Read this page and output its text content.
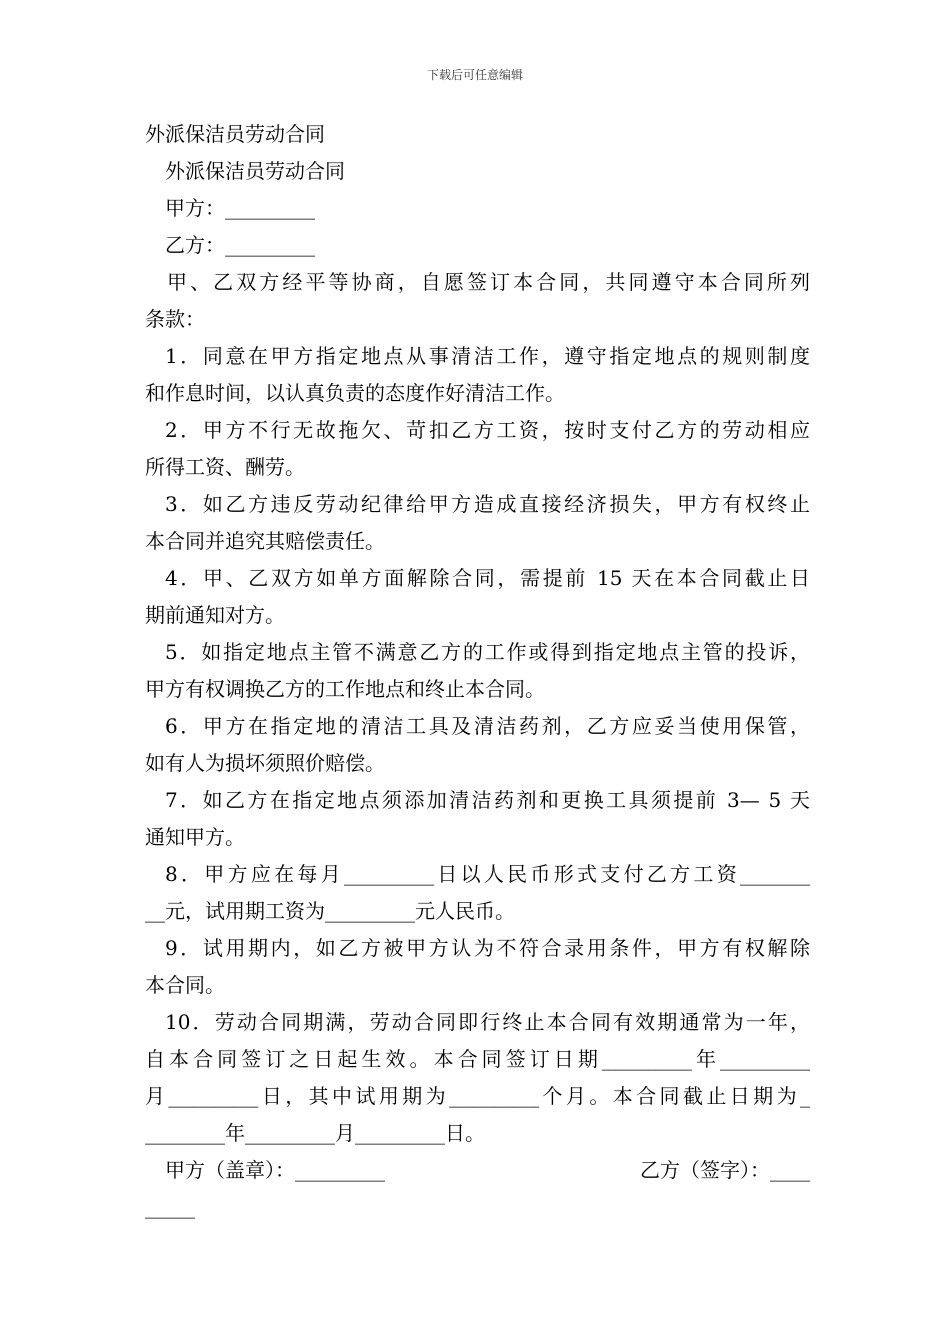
下载后可任意编辑
外派保洁员劳动合同
外派保洁员劳动合同
甲方：_________
乙方：_________
甲、乙双方经平等协商，自愿签订本合同，共同遵守本合同所列
条款：
1．同意在甲方指定地点从事清洁工作，遵守指定地点的规则制度
和作息时间，以认真负责的态度作好清洁工作。
2．甲方不行无故拖欠、苛扣乙方工资，按时支付乙方的劳动相应
所得工资、酬劳。
3．如乙方违反劳动纪律给甲方造成直接经济损失，甲方有权终止
本合同并追究其赔偿责任。
4．甲、乙双方如单方面解除合同，需提前 15 天在本合同截止日
期前通知对方。
5．如指定地点主管不满意乙方的工作或得到指定地点主管的投诉，
甲方有权调换乙方的工作地点和终止本合同。
6．甲方在指定地的清洁工具及清洁药剂，乙方应妥当使用保管，
如有人为损坏须照价赔偿。
7．如乙方在指定地点须添加清洁药剂和更换工具须提前 3— 5 天
通知甲方。
8．甲方应在每月_________日以人民币形式支付乙方工资_______
__元，试用期工资为_________元人民币。
9．试用期内，如乙方被甲方认为不符合录用条件，甲方有权解除
本合同。
10．劳动合同期满，劳动合同即行终止本合同有效期通常为一年，
自本合同签订之日起生效。本合同签订日期_________年_________
月_________日，其中试用期为_________个月。本合同截止日期为_
________年_________月_________日。
甲方（盖章）：_________	乙方（签字）：____
_____
